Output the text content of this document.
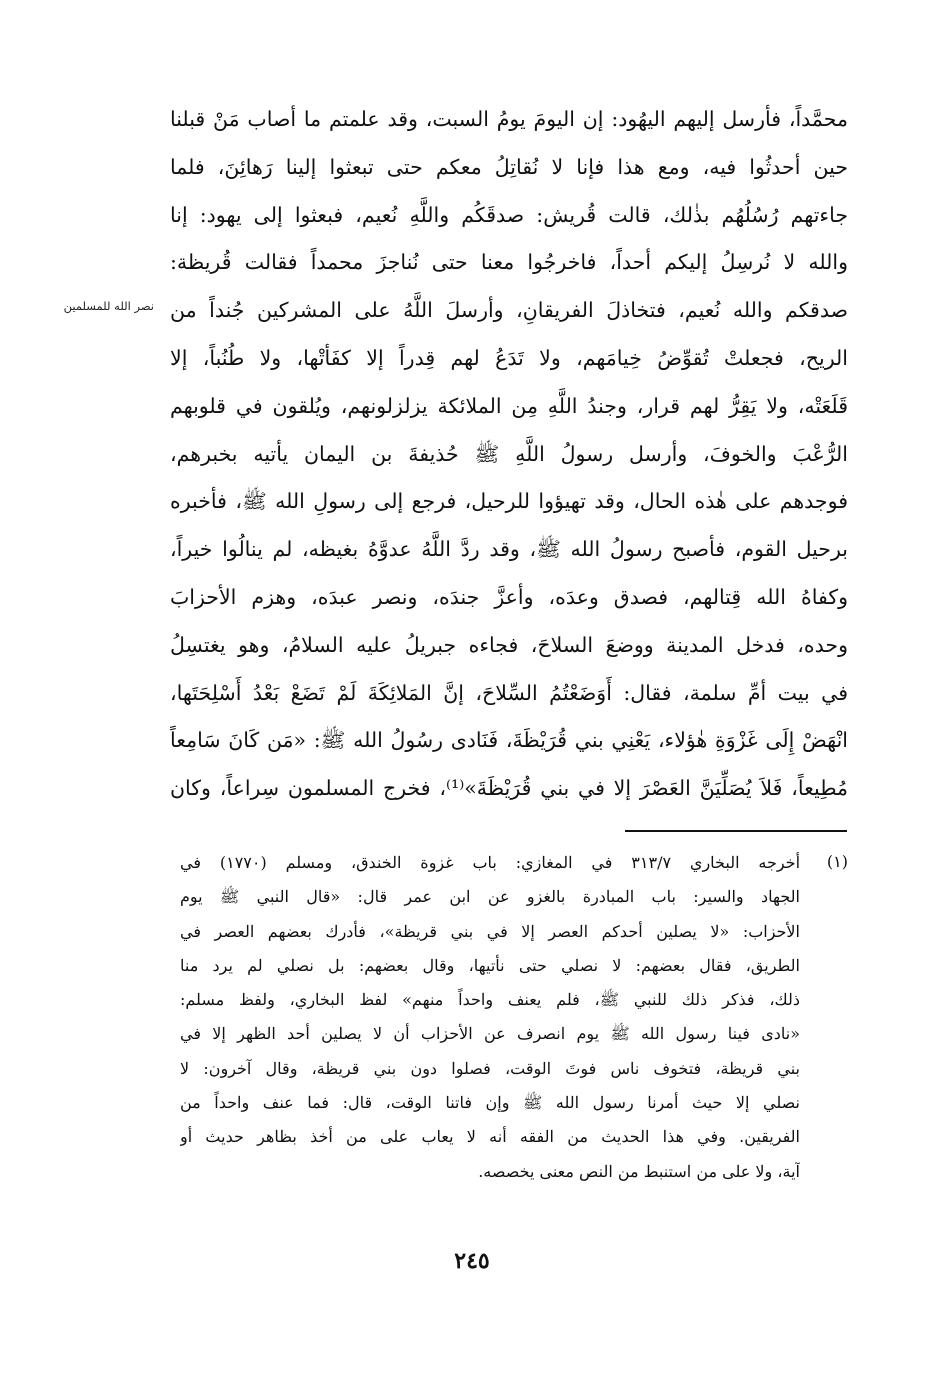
محمَّداً، فأرسل إليهم اليهُود: إن اليومَ يومُ السبت، وقد علمتم ما أصاب مَنْ قبلنا
حين أحدثُوا فيه، ومع هذا فإنا لا نُقاتِلُ معكم حتى تبعثوا إلينا رَهائِنَ، فلما
جاءتهم رُسُلُهُم بذٰلك، قالت قُريش: صدقَكُم واللَّهِ نُعيم، فبعثوا إلى يهود: إنا
والله لا نُرسِلُ إليكم أحداً، فاخرجُوا معنا حتى نُناجزَ محمداً فقالت قُريظة:
صدقكم والله نُعيم، فتخاذلَ الفريقانِ، وأرسلَ اللَّهُ على المشركين جُنداً من
الريح، فجعلتْ تُقوِّضُ خِيامَهم، ولا تَدَعُ لهم قِدراً إلا كفَأتْها، ولا طُنُباً، إلا
قَلَعَتْه، ولا يَقِرُّ لهم قرار، وجندُ اللَّهِ مِن الملائكة يزلزلونهم، ويُلقون في قلوبهم
الرُّعْبَ والخوفَ، وأرسل رسولُ اللَّهِ ﷺ حُذيفةَ بن اليمان يأتيه بخبرهم،
فوجدهم على هٰذه الحال، وقد تهيؤوا للرحيل، فرجع إلى رسولِ الله ﷺ، فأخبره
برحيل القوم، فأصبح رسولُ الله ﷺ، وقد ردَّ اللَّهُ عدوَّهُ بغيظه، لم ينالُوا خيراً،
وكفاهُ الله قِتالهم، فصدق وعدَه، وأعزَّ جندَه، ونصر عبدَه، وهزم الأحزابَ
وحده، فدخل المدينة ووضعَ السلاحَ، فجاءه جبريلُ عليه السلامُ، وهو يغتسِلُ
في بيت أمِّ سلمة، فقال: أَوَضَعْتُمُ السِّلاحَ، إنَّ المَلائِكَةَ لَمْ تَضَعْ بَعْدُ أَسْلِحَتَها،
انْهَضْ إِلَى غَزْوَةِ هٰؤلاء، يَعْنِي بني قُرَيْظَةَ، فَنَادى رسُولُ الله ﷺ: «مَن كَانَ سَامِعاً
مُطِيعاً، فَلاَ يُصَلِّيَنَّ العَصْرَ إلا في بني قُرَيْظَةَ»⁽¹⁾، فخرج المسلمون سِراعاً، وكان
نصر الله للمسلمين
(١)
أخرجه البخاري ٣١٣/٧ في المغازي: باب غزوة الخندق، ومسلم (١٧٧٠) في
الجهاد والسير: باب المبادرة بالغزو عن ابن عمر قال: «قال النبي ﷺ يوم
الأحزاب: «لا يصلين أحدكم العصر إلا في بني قريظة»، فأدرك بعضهم العصر في
الطريق، فقال بعضهم: لا نصلي حتى نأتيها، وقال بعضهم: بل نصلي لم يرد منا
ذلك، فذكر ذلك للنبي ﷺ، فلم يعنف واحداً منهم» لفظ البخاري، ولفظ مسلم:
«نادى فينا رسول الله ﷺ يوم انصرف عن الأحزاب أن لا يصلين أحد الظهر إلا في
بني قريظة، فتخوف ناس فوتَ الوقت، فصلوا دون بني قريظة، وقال آخرون: لا
نصلي إلا حيث أمرنا رسول الله ﷺ وإن فاتنا الوقت، قال: فما عنف واحداً من
الفريقين. وفي هذا الحديث من الفقه أنه لا يعاب على من أخذ بظاهر حديث أو
آية، ولا على من استنبط من النص معنى يخصصه.
٢٤٥
